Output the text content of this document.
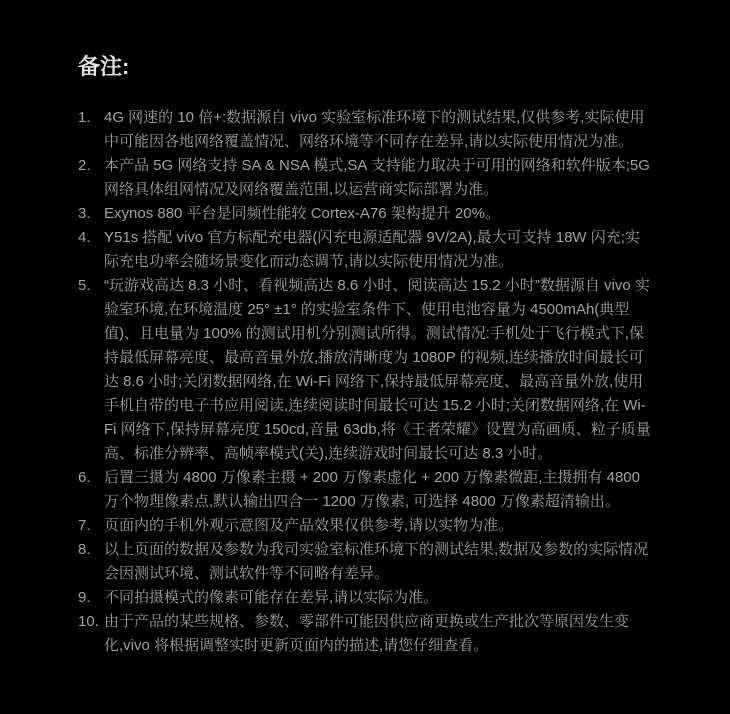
备注:
1. 4G 网速的 10 倍+:数据源自 vivo 实验室标准环境下的测试结果,仅供参考,实际使用中可能因各地网络覆盖情况、网络环境等不同存在差异,请以实际使用情况为准。
2. 本产品 5G 网络支持 SA & NSA 模式,SA 支持能力取决于可用的网络和软件版本;5G 网络具体组网情况及网络覆盖范围,以运营商实际部署为准。
3. Exynos 880 平台是同频性能较 Cortex-A76 架构提升 20%。
4. Y51s 搭配 vivo 官方标配充电器(闪充电源适配器 9V/2A),最大可支持 18W 闪充;实际充电功率会随场景变化而动态调节,请以实际使用情况为准。
5. “玩游戏高达 8.3 小时、看视频高达 8.6 小时、阅读高达 15.2 小时”数据源自 vivo 实验室环境,在环境温度 25° ±1° 的实验室条件下、使用电池容量为 4500mAh(典型值)、且电量为 100% 的测试用机分别测试所得。测试情况:手机处于飞行模式下,保持最低屏幕亮度、最高音量外放,播放清晰度为 1080P 的视频,连续播放时间最长可达 8.6 小时;关闭数据网络,在 Wi-Fi 网络下,保持最低屏幕亮度、最高音量外放,使用手机自带的电子书应用阅读,连续阅读时间最长可达 15.2 小时;关闭数据网络,在 Wi-Fi 网络下,保持屏幕亮度 150cd,音量 63db,将《王者荣耀》设置为高画质、粒子质量高、标准分辨率、高帧率模式(关),连续游戏时间最长可达 8.3 小时。
6. 后置三摄为 4800 万像素主摄 + 200 万像素虚化 + 200 万像素微距,主摄拥有 4800 万个物理像素点,默认输出四合一 1200 万像素, 可选择 4800 万像素超清输出。
7. 页面内的手机外观示意图及产品效果仅供参考,请以实物为准。
8. 以上页面的数据及参数为我司实验室标准环境下的测试结果,数据及参数的实际情况会因测试环境、测试软件等不同略有差异。
9. 不同拍摄模式的像素可能存在差异,请以实际为准。
10. 由于产品的某些规格、参数、零部件可能因供应商更换或生产批次等原因发生变化,vivo 将根据调整实时更新页面内的描述,请您仔细查看。
